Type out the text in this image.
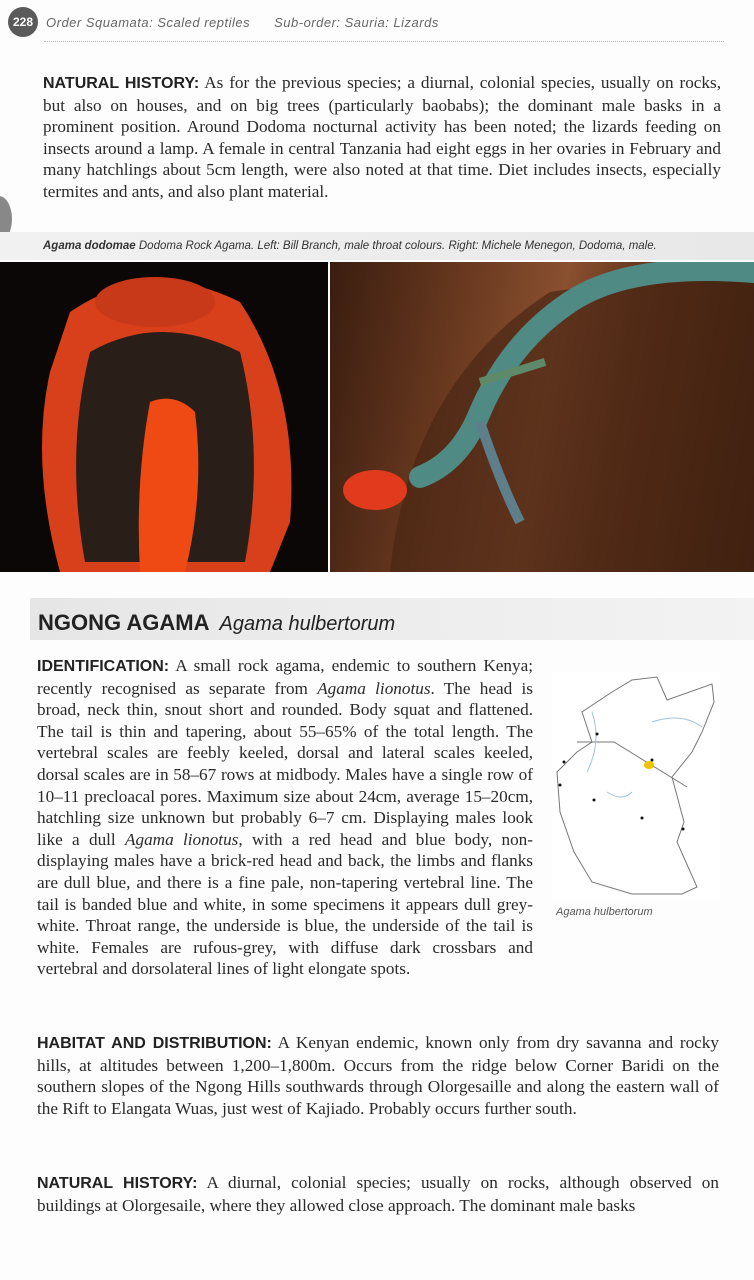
228 Order Squamata: Scaled reptiles Sub-order: Sauria: Lizards
NATURAL HISTORY: As for the previous species; a diurnal, colonial species, usually on rocks, but also on houses, and on big trees (particularly baobabs); the dominant male basks in a prominent position. Around Dodoma nocturnal activity has been noted; the lizards feeding on insects around a lamp. A female in central Tanzania had eight eggs in her ovaries in February and many hatchlings about 5cm length, were also noted at that time. Diet includes insects, especially termites and ants, and also plant material.
Agama dodomae Dodoma Rock Agama. Left: Bill Branch, male throat colours. Right: Michele Menegon, Dodoma, male.
NGONG AGAMA Agama hulbertorum
Agama hulbertorum
IDENTIFICATION: A small rock agama, endemic to southern Kenya; recently recognised as separate from Agama lionotus. The head is broad, neck thin, snout short and rounded. Body squat and flattened. The tail is thin and tapering, about 55–65% of the total length. The vertebral scales are feebly keeled, dorsal and lateral scales keeled, dorsal scales are in 58–67 rows at midbody. Males have a single row of 10–11 precloacal pores. Maximum size about 24cm, average 15–20cm, hatchling size unknown but probably 6–7 cm. Displaying males look like a dull Agama lionotus, with a red head and blue body, non-displaying males have a brick-red head and back, the limbs and flanks are dull blue, and there is a fine pale, non-tapering vertebral line. The tail is banded blue and white, in some specimens it appears dull grey-white. Throat range, the underside is blue, the underside of the tail is white. Females are rufous-grey, with diffuse dark crossbars and vertebral and dorsolateral lines of light elongate spots.
HABITAT AND DISTRIBUTION: A Kenyan endemic, known only from dry savanna and rocky hills, at altitudes between 1,200–1,800m. Occurs from the ridge below Corner Baridi on the southern slopes of the Ngong Hills southwards through Olorgesaille and along the eastern wall of the Rift to Elangata Wuas, just west of Kajiado. Probably occurs further south.
NATURAL HISTORY: A diurnal, colonial species; usually on rocks, although observed on buildings at Olorgesaile, where they allowed close approach. The dominant male basks
